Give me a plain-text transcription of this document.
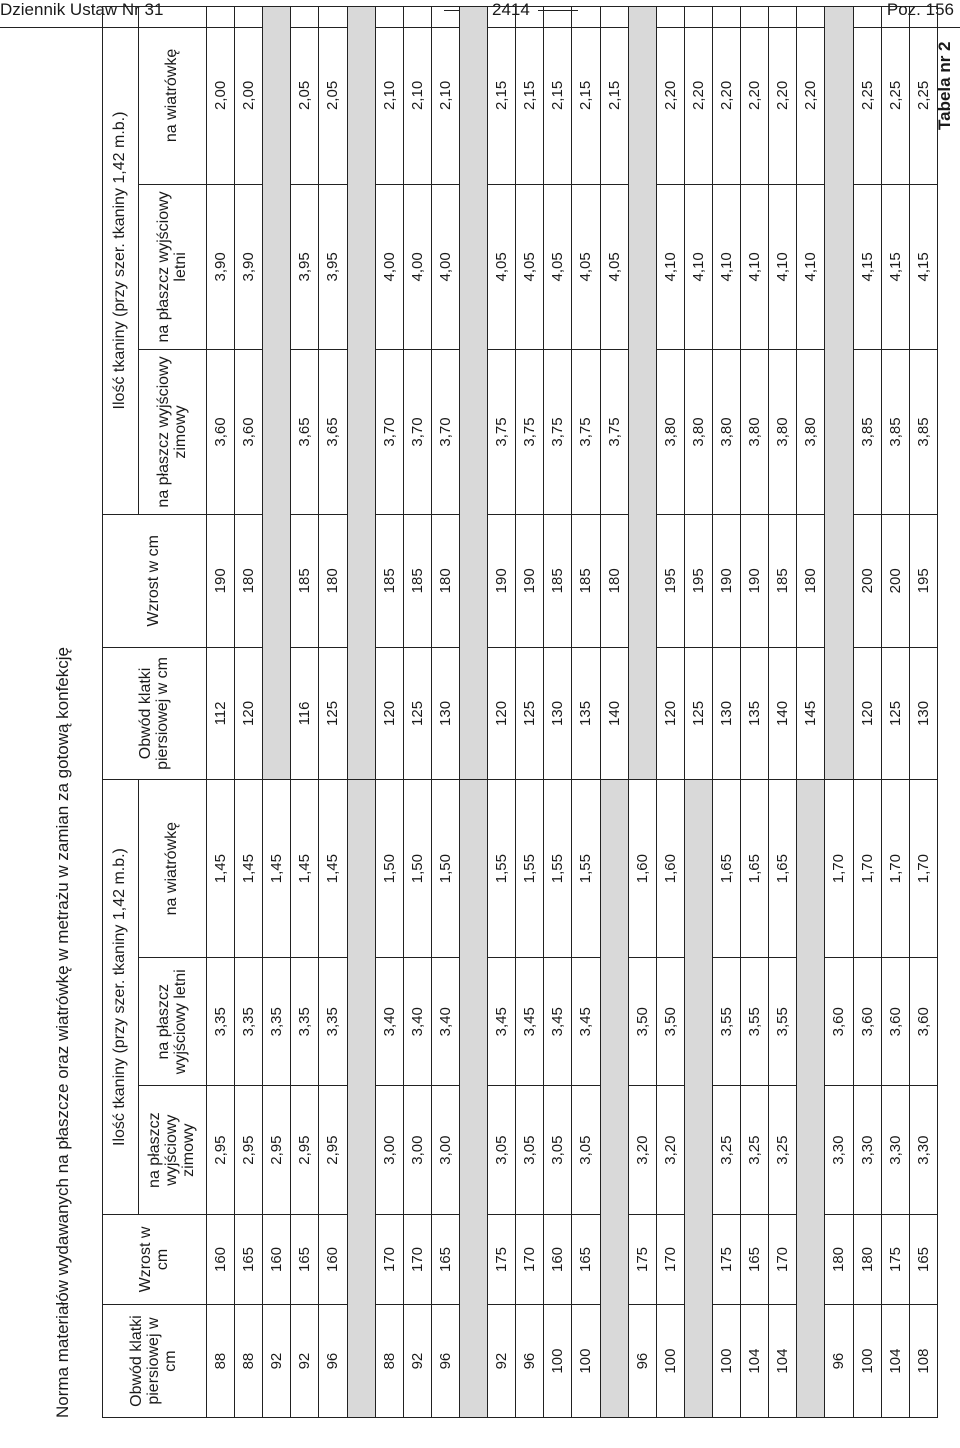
Dziennik Ustaw Nr 31	2414	Poz. 156
Norma materiałów wydawanych na płaszcze oraz wiatrówkę w metrażu w zamian za gotową konfekcję
Tabela nr 2
Obwód klatki piersiowej w cm	Wzrost w cm	Ilość tkaniny (przy szer. tkaniny 1,42 m.b.)			Obwód klatki piersiowej w cm	Wzrost w cm	Ilość tkaniny (przy szer. tkaniny 1,42 m.b.)		
		na płaszcz wyjściowy zimowy	na płaszcz wyjściowy letni	na wiatrówkę			na płaszcz wyjściowy zimowy	na płaszcz wyjściowy letni	na wiatrówkę
88	160	2,95	3,35	1,45	112	190	3,60	3,90	2,00
88	165	2,95	3,35	1,45	120	180	3,60	3,90	2,00
92	160	2,95	3,35	1,45					
92	165	2,95	3,35	1,45	116	185	3,65	3,95	2,05
96	160	2,95	3,35	1,45	125	180	3,65	3,95	2,05

88	170	3,00	3,40	1,50	120	185	3,70	4,00	2,10
92	170	3,00	3,40	1,50	125	185	3,70	4,00	2,10
96	165	3,00	3,40	1,50	130	180	3,70	4,00	2,10

92	175	3,05	3,45	1,55	120	190	3,75	4,05	2,15
96	170	3,05	3,45	1,55	125	190	3,75	4,05	2,15
100	160	3,05	3,45	1,55	130	185	3,75	4,05	2,15
100	165	3,05	3,45	1,55	135	185	3,75	4,05	2,15
					140	180	3,75	4,05	2,15
96	175	3,20	3,50	1,60					
100	170	3,20	3,50	1,60	120	195	3,80	4,10	2,20
					125	195	3,80	4,10	2,20
100	175	3,25	3,55	1,65	130	190	3,80	4,10	2,20
104	165	3,25	3,55	1,65	135	190	3,80	4,10	2,20
104	170	3,25	3,55	1,65	140	185	3,80	4,10	2,20
					145	180	3,80	4,10	2,20
96	180	3,30	3,60	1,70					
100	180	3,30	3,60	1,70	120	200	3,85	4,15	2,25
104	175	3,30	3,60	1,70	125	200	3,85	4,15	2,25
108	165	3,30	3,60	1,70	130	195	3,85	4,15	2,25
